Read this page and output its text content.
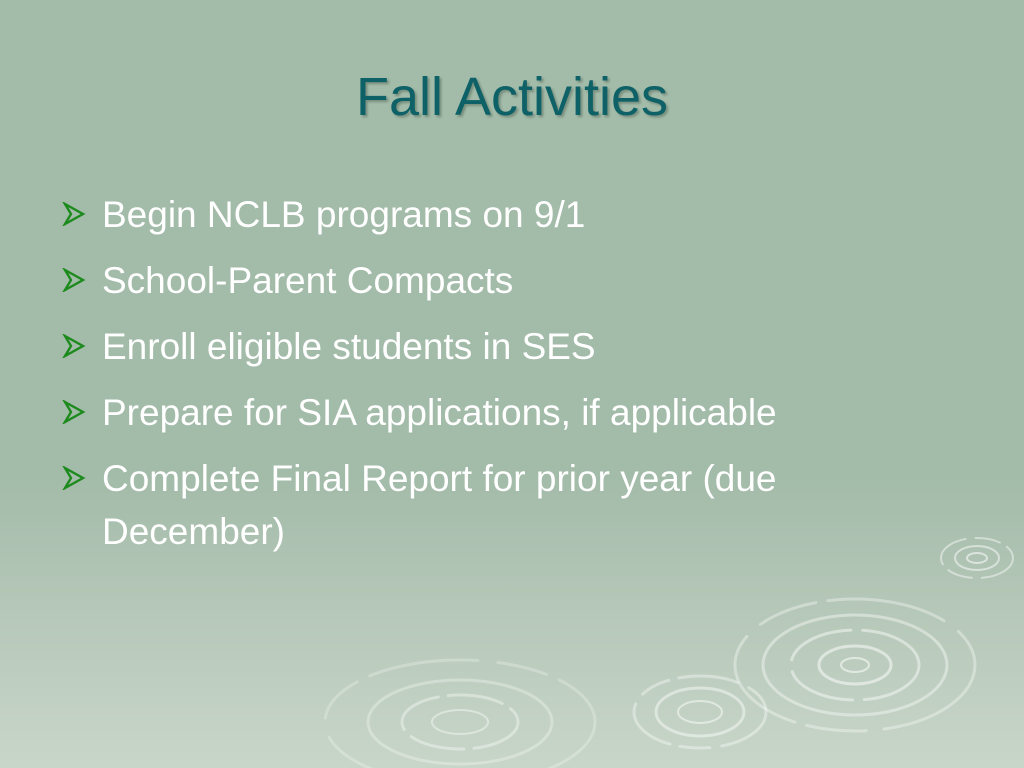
Fall Activities
Begin NCLB programs on 9/1
School-Parent Compacts
Enroll eligible students in SES
Prepare for SIA applications, if applicable
Complete Final Report for prior year (due December)
